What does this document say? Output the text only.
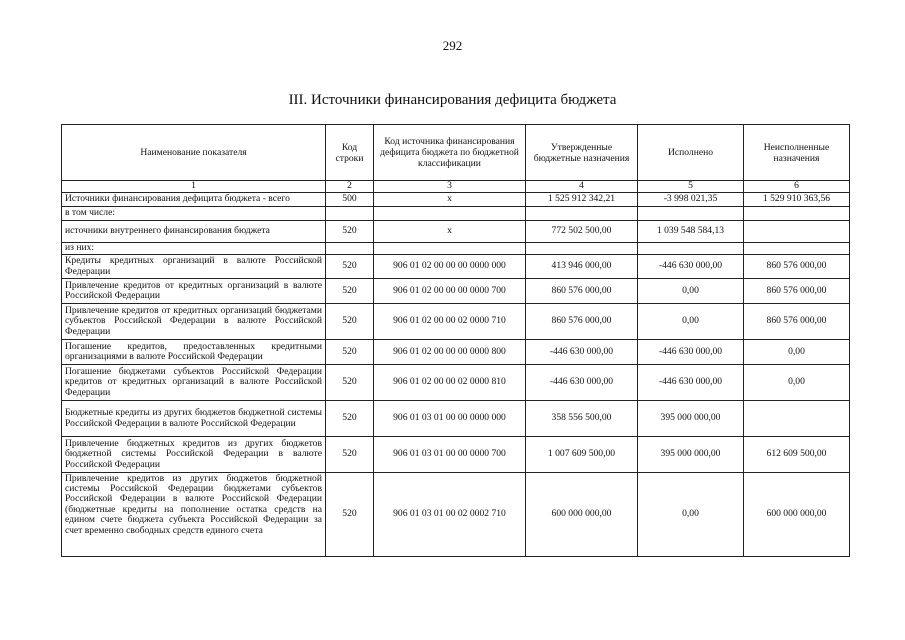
292
III. Источники финансирования дефицита бюджета
Наименование показателя	Код строки	Код источника финансирования дефицита бюджета по бюджетной классификации	Утвержденные бюджетные назначения	Исполнено	Неисполненные назначения
1	2	3	4	5	6
Источники финансирования дефицита бюджета - всего	500	x	1 525 912 342,21	-3 998 021,35	1 529 910 363,56
в том числе:					
источники внутреннего финансирования бюджета	520	x	772 502 500,00	1 039 548 584,13	
из них:					
Кредиты кредитных организаций в валюте Российской Федерации	520	906 01 02 00 00 00 0000 000	413 946 000,00	-446 630 000,00	860 576 000,00
Привлечение кредитов от кредитных организаций в валюте Российской Федерации	520	906 01 02 00 00 00 0000 700	860 576 000,00	0,00	860 576 000,00
Привлечение кредитов от кредитных организаций бюджетами субъектов Российской Федерации в валюте Российской Федерации	520	906 01 02 00 00 02 0000 710	860 576 000,00	0,00	860 576 000,00
Погашение кредитов, предоставленных кредитными организациями в валюте Российской Федерации	520	906 01 02 00 00 00 0000 800	-446 630 000,00	-446 630 000,00	0,00
Погашение бюджетами субъектов Российской Федерации кредитов от кредитных организаций в валюте Российской Федерации	520	906 01 02 00 00 02 0000 810	-446 630 000,00	-446 630 000,00	0,00
Бюджетные кредиты из других бюджетов бюджетной системы Российской Федерации в валюте Российской Федерации	520	906 01 03 01 00 00 0000 000	358 556 500,00	395 000 000,00	
Привлечение бюджетных кредитов из других бюджетов бюджетной системы Российской Федерации в валюте Российской Федерации	520	906 01 03 01 00 00 0000 700	1 007 609 500,00	395 000 000,00	612 609 500,00

Привлечение кредитов из других бюджетов бюджетной системы Российской Федерации бюджетами субъектов Российской Федерации в валюте Российской Федерации (бюджетные кредиты на пополнение остатка средств на едином счете бюджета субъекта Российской Федерации за счет временно свободных средств единого счета	520	906 01 03 01 00 02 0002 710	600 000 000,00	0,00	600 000 000,00
